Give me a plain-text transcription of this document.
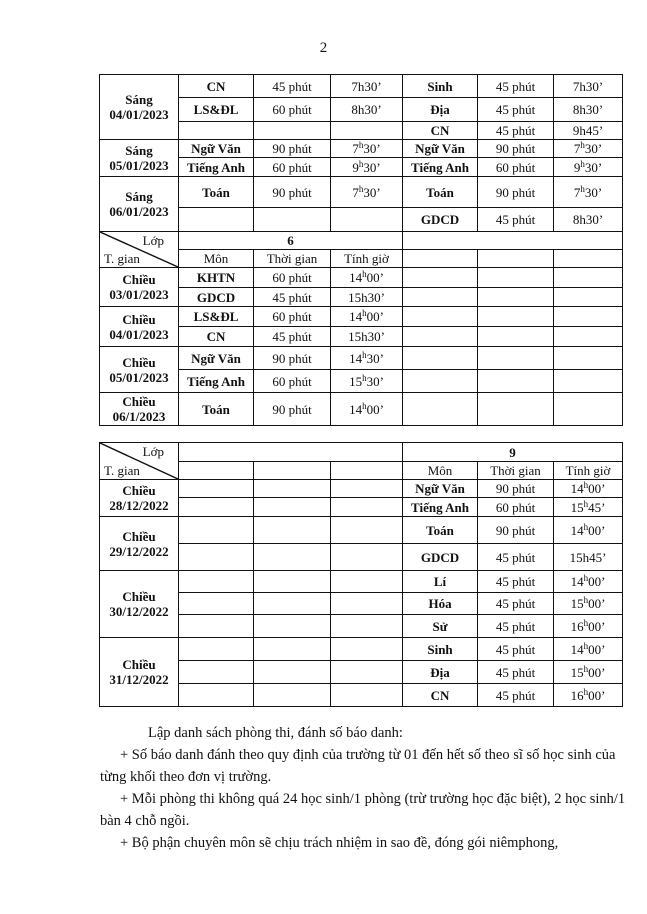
2
Sáng
04/01/2023	CN	45 phút	7h30’	Sinh	45 phút	7h30’
	LS&ĐL	60 phút	8h30’	Địa	45 phút	8h30’
				CN	45 phút	9h45’
Sáng
05/01/2023	Ngữ Văn	90 phút	7$^h$30’	Ngữ Văn	90 phút	7$^h$30’
	Tiếng Anh	60 phút	9$^h$30’	Tiếng Anh	60 phút	9$^h$30’
Sáng
06/01/2023	Toán	90 phút	7$^h$30’	Toán	90 phút	7$^h$30’
				GDCD	45 phút	8h30’
Lớp
T. gian	6					
	Môn	Thời gian	Tính giờ			
Chiều
03/01/2023	KHTN	60 phút	14$^h$00’			
	GDCD	45 phút	15h30’			
Chiều
04/01/2023	LS&ĐL	60 phút	14$^h$00’			
	CN	45 phút	15h30’			
Chiều
05/01/2023	Ngữ Văn	90 phút	14$^h$30’			
	Tiếng Anh	60 phút	15$^h$30’			
Chiều
06/1/2023	Toán	90 phút	14$^h$00’			
Lớp
T. gian				9		
				Môn	Thời gian	Tính giờ
Chiều
28/12/2022				Ngữ Văn	90 phút	14$^h$00’
				Tiếng Anh	60 phút	15$^h$45’
Chiều
29/12/2022				Toán	90 phút	14$^h$00’
				GDCD	45 phút	15h45’
Chiều
30/12/2022				Lí	45 phút	14$^h$00’
				Hóa	45 phút	15$^h$00’
				Sử	45 phút	16$^h$00’
Chiều
31/12/2022				Sinh	45 phút	14$^h$00’
				Địa	45 phút	15$^h$00’
				CN	45 phút	16$^h$00’

Lập danh sách phòng thi, đánh số báo danh:

+ Số báo danh đánh theo quy định của trường từ 01 đến hết số theo sĩ số học sinh của từng khối theo đơn vị trường.

+ Mỗi phòng thi không quá 24 học sinh/1 phòng (trừ trường học đặc biệt), 2 học sinh/1 bàn 4 chỗ ngồi.

+ Bộ phận chuyên môn sẽ chịu trách nhiệm in sao đề, đóng gói niêmphong,
